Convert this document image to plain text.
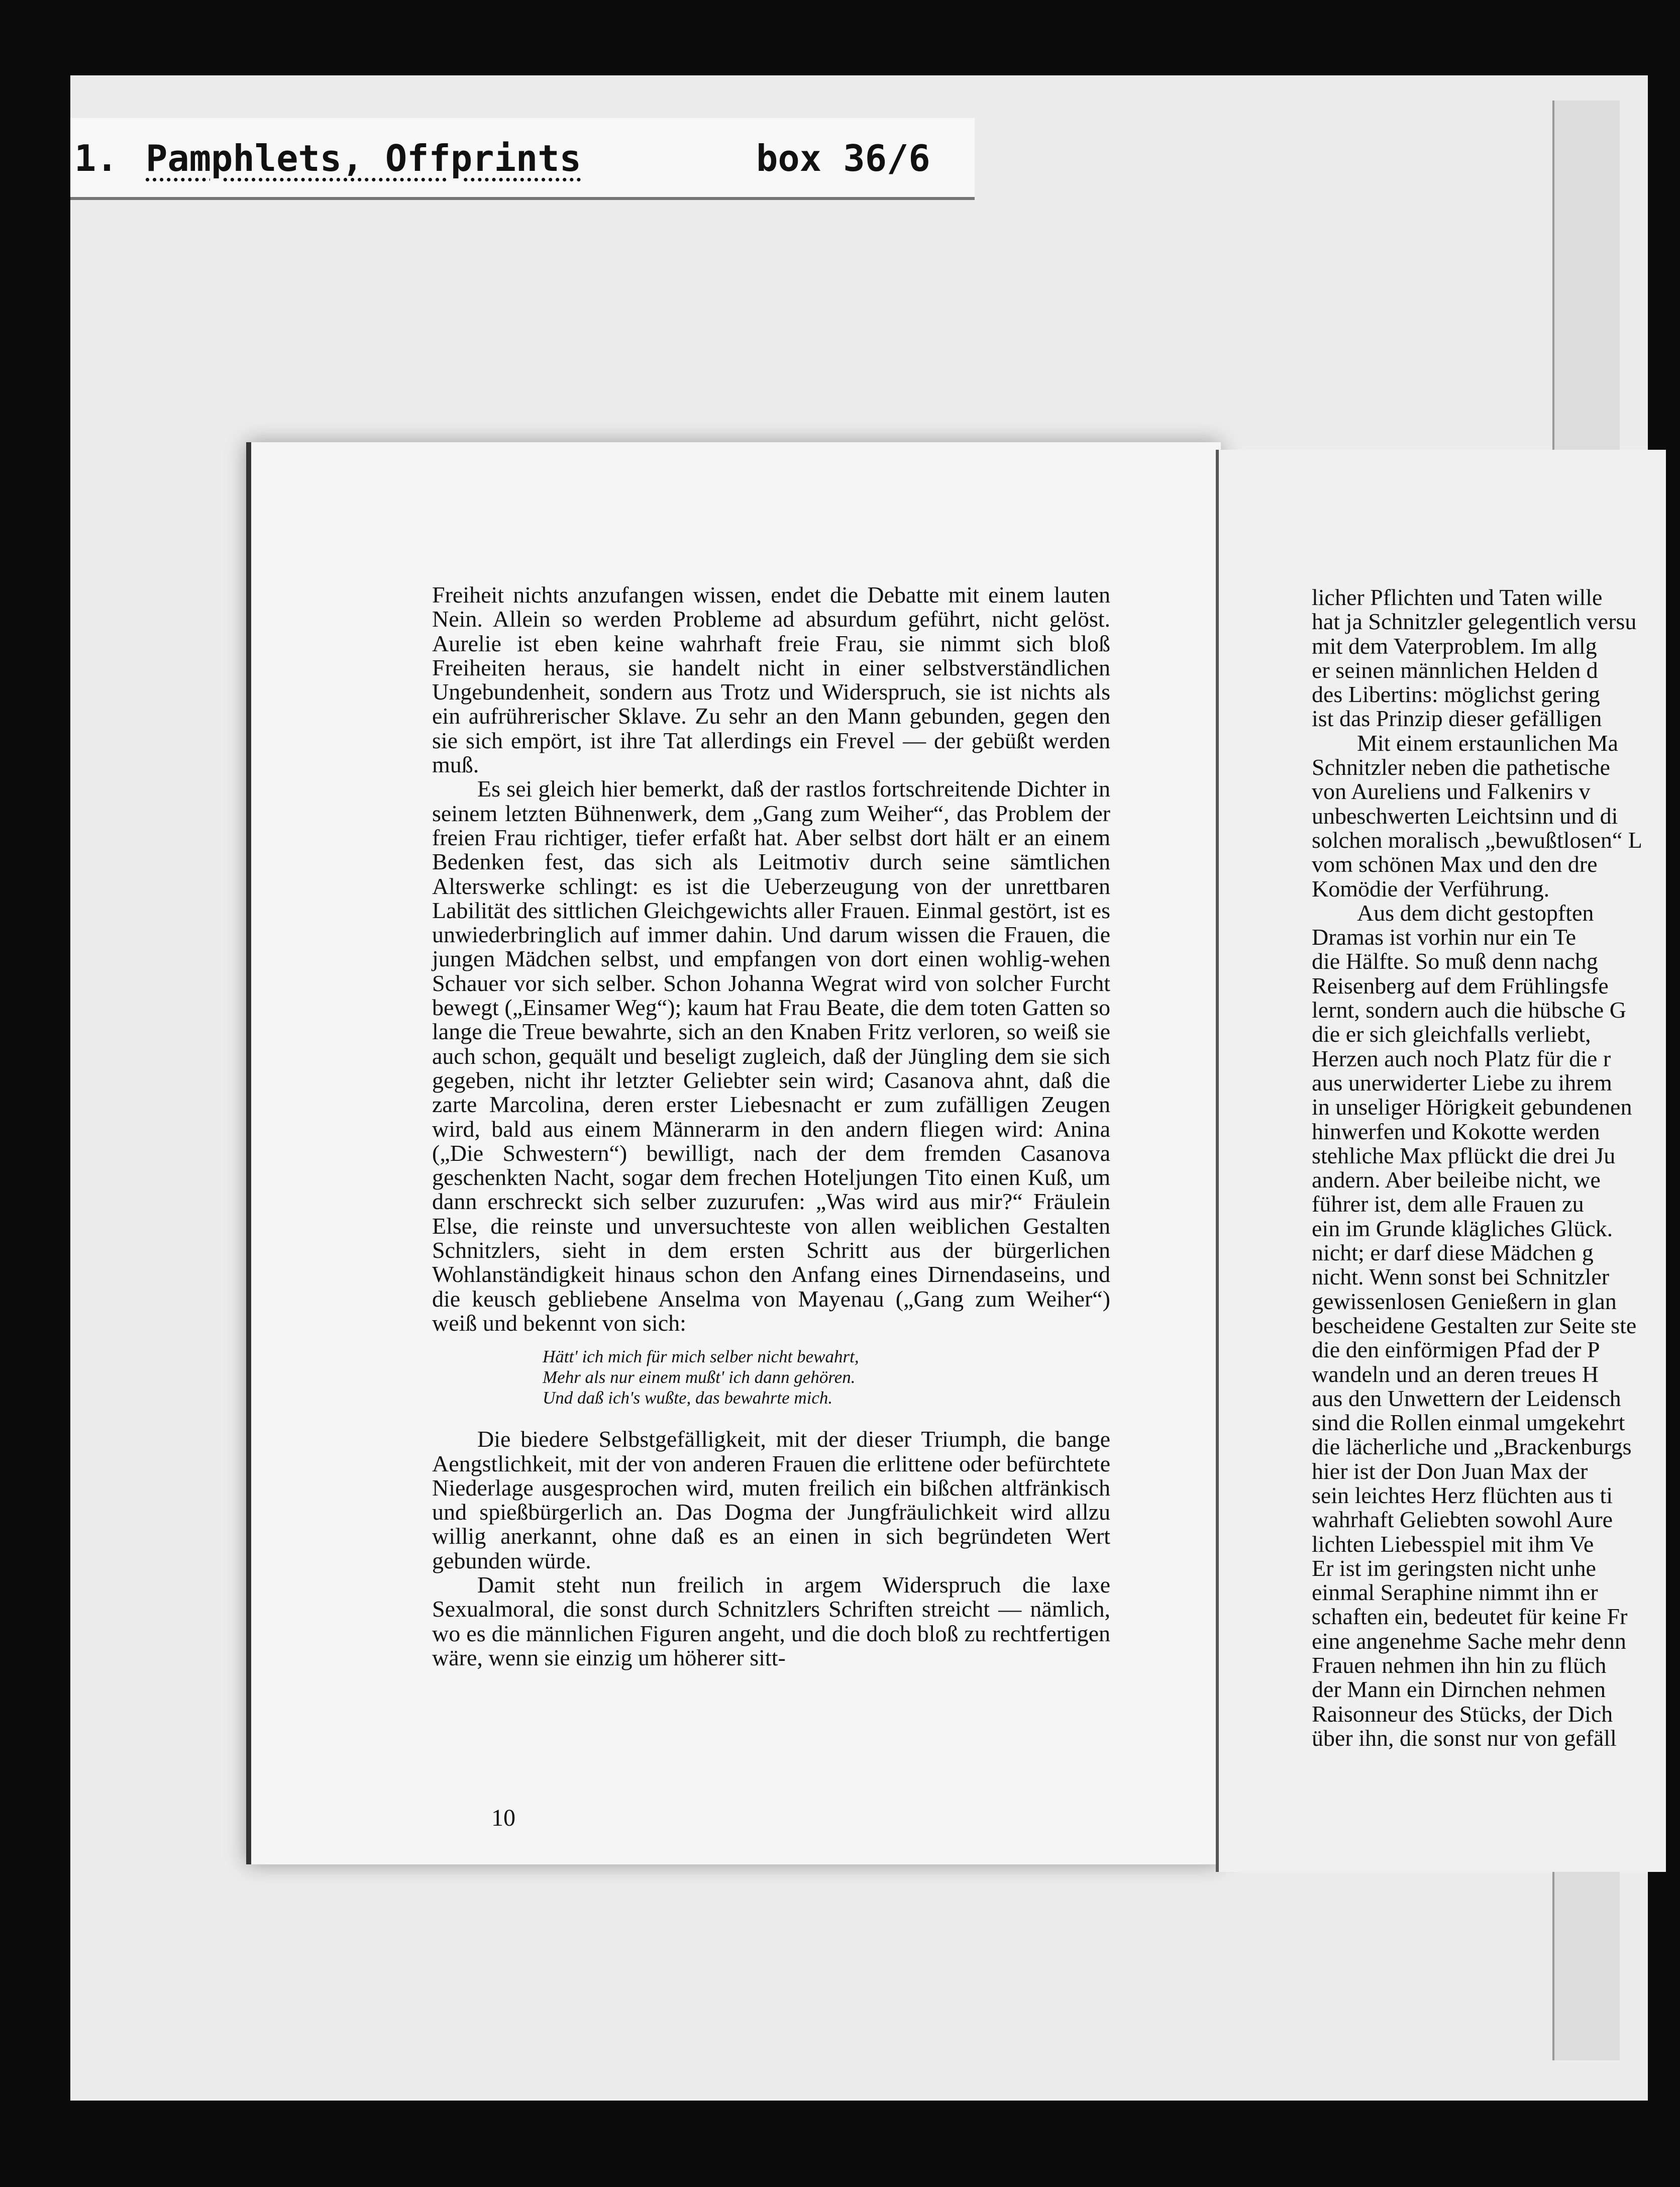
1. Pamphlets, Offprints	box 36/6

Freiheit nichts anzufangen wissen, endet die Debatte mit einem lauten Nein. Allein so werden Probleme ad absurdum geführt, nicht gelöst. Aurelie ist eben keine wahrhaft freie Frau, sie nimmt sich bloß Freiheiten heraus, sie handelt nicht in einer selbstverständlichen Ungebundenheit, sondern aus Trotz und Widerspruch, sie ist nichts als ein aufrührerischer Sklave. Zu sehr an den Mann gebunden, gegen den sie sich empört, ist ihre Tat allerdings ein Frevel — der gebüßt werden muß.

Es sei gleich hier bemerkt, daß der rastlos fortschreitende Dichter in seinem letzten Bühnenwerk, dem „Gang zum Weiher“, das Problem der freien Frau richtiger, tiefer erfaßt hat. Aber selbst dort hält er an einem Bedenken fest, das sich als Leitmotiv durch seine sämtlichen Alterswerke schlingt: es ist die Ueberzeugung von der unrettbaren Labilität des sittlichen Gleichgewichts aller Frauen. Einmal gestört, ist es unwiederbringlich auf immer dahin. Und darum wissen die Frauen, die jungen Mädchen selbst, und empfangen von dort einen wohlig-wehen Schauer vor sich selber. Schon Johanna Wegrat wird von solcher Furcht bewegt („Einsamer Weg“); kaum hat Frau Beate, die dem toten Gatten so lange die Treue bewahrte, sich an den Knaben Fritz verloren, so weiß sie auch schon, gequält und beseligt zugleich, daß der Jüngling dem sie sich gegeben, nicht ihr letzter Geliebter sein wird; Casanova ahnt, daß die zarte Marcolina, deren erster Liebesnacht er zum zufälligen Zeugen wird, bald aus einem Männerarm in den andern fliegen wird: Anina („Die Schwestern“) bewilligt, nach der dem fremden Casanova geschenkten Nacht, sogar dem frechen Hoteljungen Tito einen Kuß, um dann erschreckt sich selber zuzurufen: „Was wird aus mir?“ Fräulein Else, die reinste und unversuchteste von allen weiblichen Gestalten Schnitzlers, sieht in dem ersten Schritt aus der bürgerlichen Wohlanständigkeit hinaus schon den Anfang eines Dirnendaseins, und die keusch gebliebene Anselma von Mayenau („Gang zum Weiher“) weiß und bekennt von sich:

Hätt' ich mich für mich selber nicht bewahrt,
Mehr als nur einem mußt' ich dann gehören.
Und daß ich's wußte, das bewahrte mich.

Die biedere Selbstgefälligkeit, mit der dieser Triumph, die bange Aengstlichkeit, mit der von anderen Frauen die erlittene oder befürchtete Niederlage ausgesprochen wird, muten freilich ein bißchen altfränkisch und spießbürgerlich an. Das Dogma der Jungfräulichkeit wird allzu willig anerkannt, ohne daß es an einen in sich begründeten Wert gebunden würde.

Damit steht nun freilich in argem Widerspruch die laxe Sexualmoral, die sonst durch Schnitzlers Schriften streicht — nämlich, wo es die männlichen Figuren angeht, und die doch bloß zu rechtfertigen wäre, wenn sie einzig um höherer sitt-

10
licher Pflichten und Taten wille
hat ja Schnitzler gelegentlich versu
mit dem Vaterproblem. Im allg
er seinen männlichen Helden d
des Libertins: möglichst gering
ist das Prinzip dieser gefälligen
Mit einem erstaunlichen Ma
Schnitzler neben die pathetische
von Aureliens und Falkenirs v
unbeschwerten Leichtsinn und di
solchen moralisch „bewußtlosen“ L
vom schönen Max und den dre
Komödie der Verführung.
Aus dem dicht gestopften
Dramas ist vorhin nur ein Te
die Hälfte. So muß denn nachg
Reisenberg auf dem Frühlingsfe
lernt, sondern auch die hübsche G
die er sich gleichfalls verliebt,
Herzen auch noch Platz für die r
aus unerwiderter Liebe zu ihrem
in unseliger Hörigkeit gebundenen
hinwerfen und Kokotte werden
stehliche Max pflückt die drei Ju
andern. Aber beileibe nicht, we
führer ist, dem alle Frauen zu
ein im Grunde klägliches Glück.
nicht; er darf diese Mädchen g
nicht. Wenn sonst bei Schnitzler
gewissenlosen Genießern in glan
bescheidene Gestalten zur Seite ste
die den einförmigen Pfad der P
wandeln und an deren treues H
aus den Unwettern der Leidensch
sind die Rollen einmal umgekehrt
die lächerliche und „Brackenburgs
hier ist der Don Juan Max der
sein leichtes Herz flüchten aus ti
wahrhaft Geliebten sowohl Aure
lichten Liebesspiel mit ihm Ve
Er ist im geringsten nicht unhe
einmal Seraphine nimmt ihn er
schaften ein, bedeutet für keine Fr
eine angenehme Sache mehr denn
Frauen nehmen ihn hin zu flüch
der Mann ein Dirnchen nehmen
Raisonneur des Stücks, der Dich
über ihn, die sonst nur von gefäll
